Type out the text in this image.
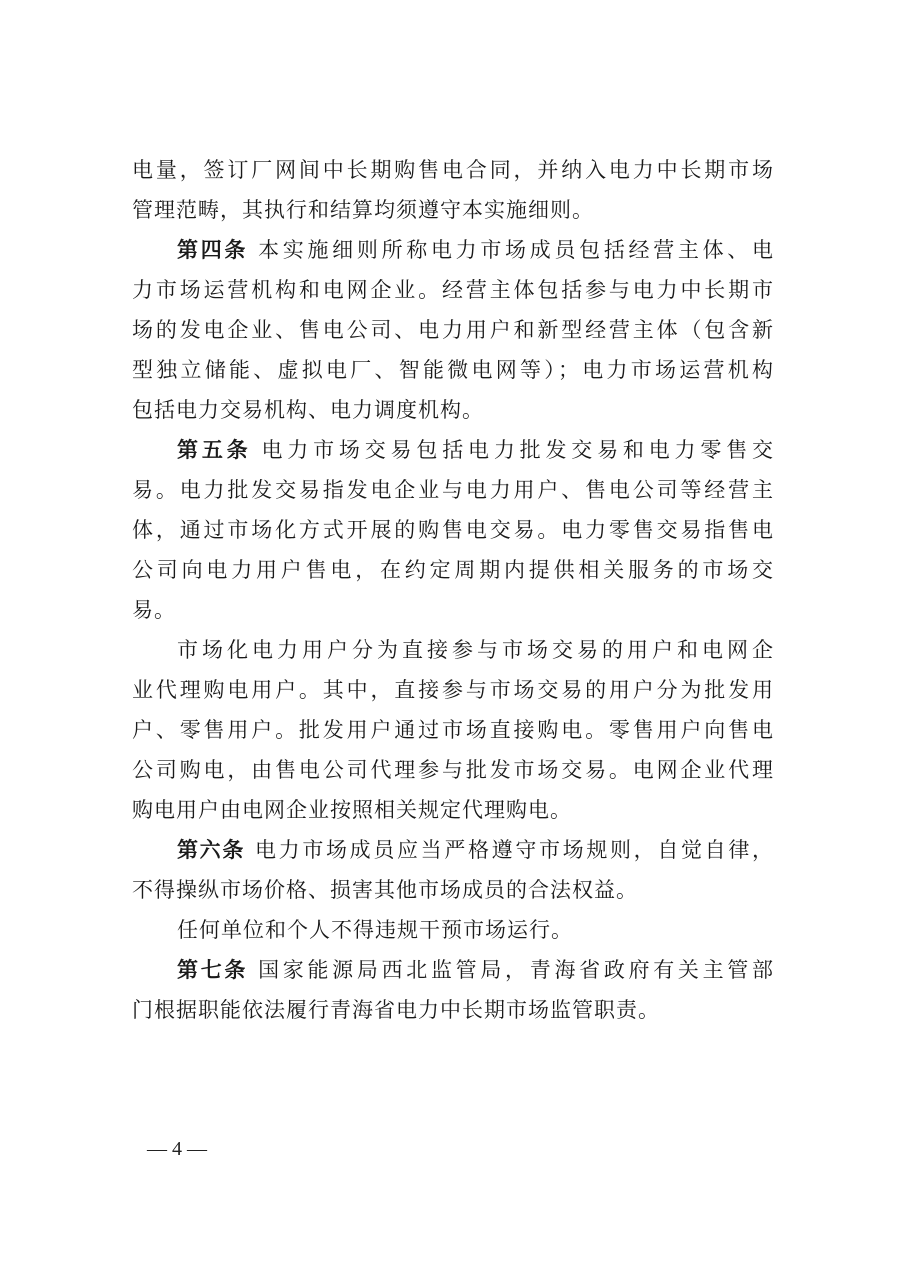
电量，签订厂网间中长期购售电合同，并纳入电力中长期市场
管理范畴，其执行和结算均须遵守本实施细则。
第四条 本实施细则所称电力市场成员包括经营主体、电
力市场运营机构和电网企业。经营主体包括参与电力中长期市
场的发电企业、售电公司、电力用户和新型经营主体（包含新
型独立储能、虚拟电厂、智能微电网等）；电力市场运营机构
包括电力交易机构、电力调度机构。
第五条 电力市场交易包括电力批发交易和电力零售交
易。电力批发交易指发电企业与电力用户、售电公司等经营主
体，通过市场化方式开展的购售电交易。电力零售交易指售电
公司向电力用户售电，在约定周期内提供相关服务的市场交
易。
市场化电力用户分为直接参与市场交易的用户和电网企
业代理购电用户。其中，直接参与市场交易的用户分为批发用
户、零售用户。批发用户通过市场直接购电。零售用户向售电
公司购电，由售电公司代理参与批发市场交易。电网企业代理
购电用户由电网企业按照相关规定代理购电。
第六条 电力市场成员应当严格遵守市场规则，自觉自律，
不得操纵市场价格、损害其他市场成员的合法权益。
任何单位和个人不得违规干预市场运行。
第七条 国家能源局西北监管局，青海省政府有关主管部
门根据职能依法履行青海省电力中长期市场监管职责。
— 4 —
